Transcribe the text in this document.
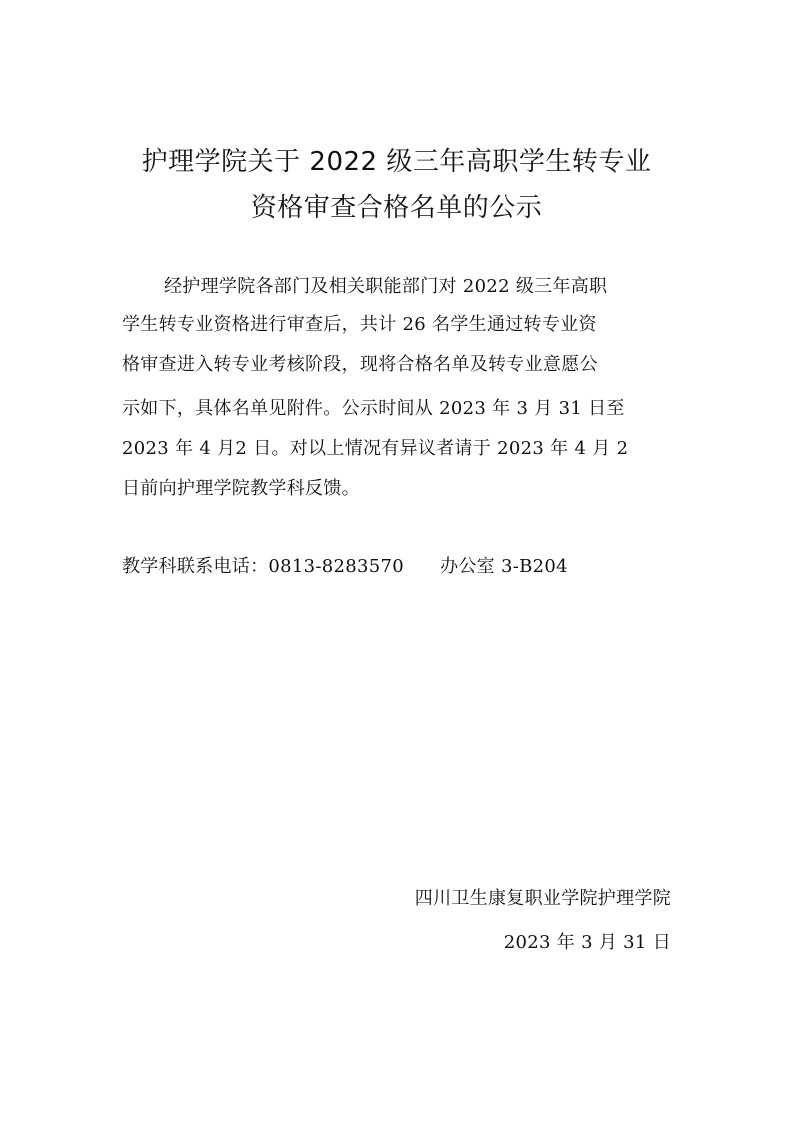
护理学院关于 2022 级三年高职学生转专业
资格审查合格名单的公示
经护理学院各部门及相关职能部门对 2022 级三年高职
学生转专业资格进行审查后，共计 26 名学生通过转专业资
格审查进入转专业考核阶段，现将合格名单及转专业意愿公
示如下，具体名单见附件。公示时间从 2023 年 3 月 31 日至
2023 年 4 月2 日。对以上情况有异议者请于 2023 年 4 月 2
日前向护理学院教学科反馈。
教学科联系电话：0813-8283570 办公室 3-B204
四川卫生康复职业学院护理学院
2023 年 3 月 31 日
